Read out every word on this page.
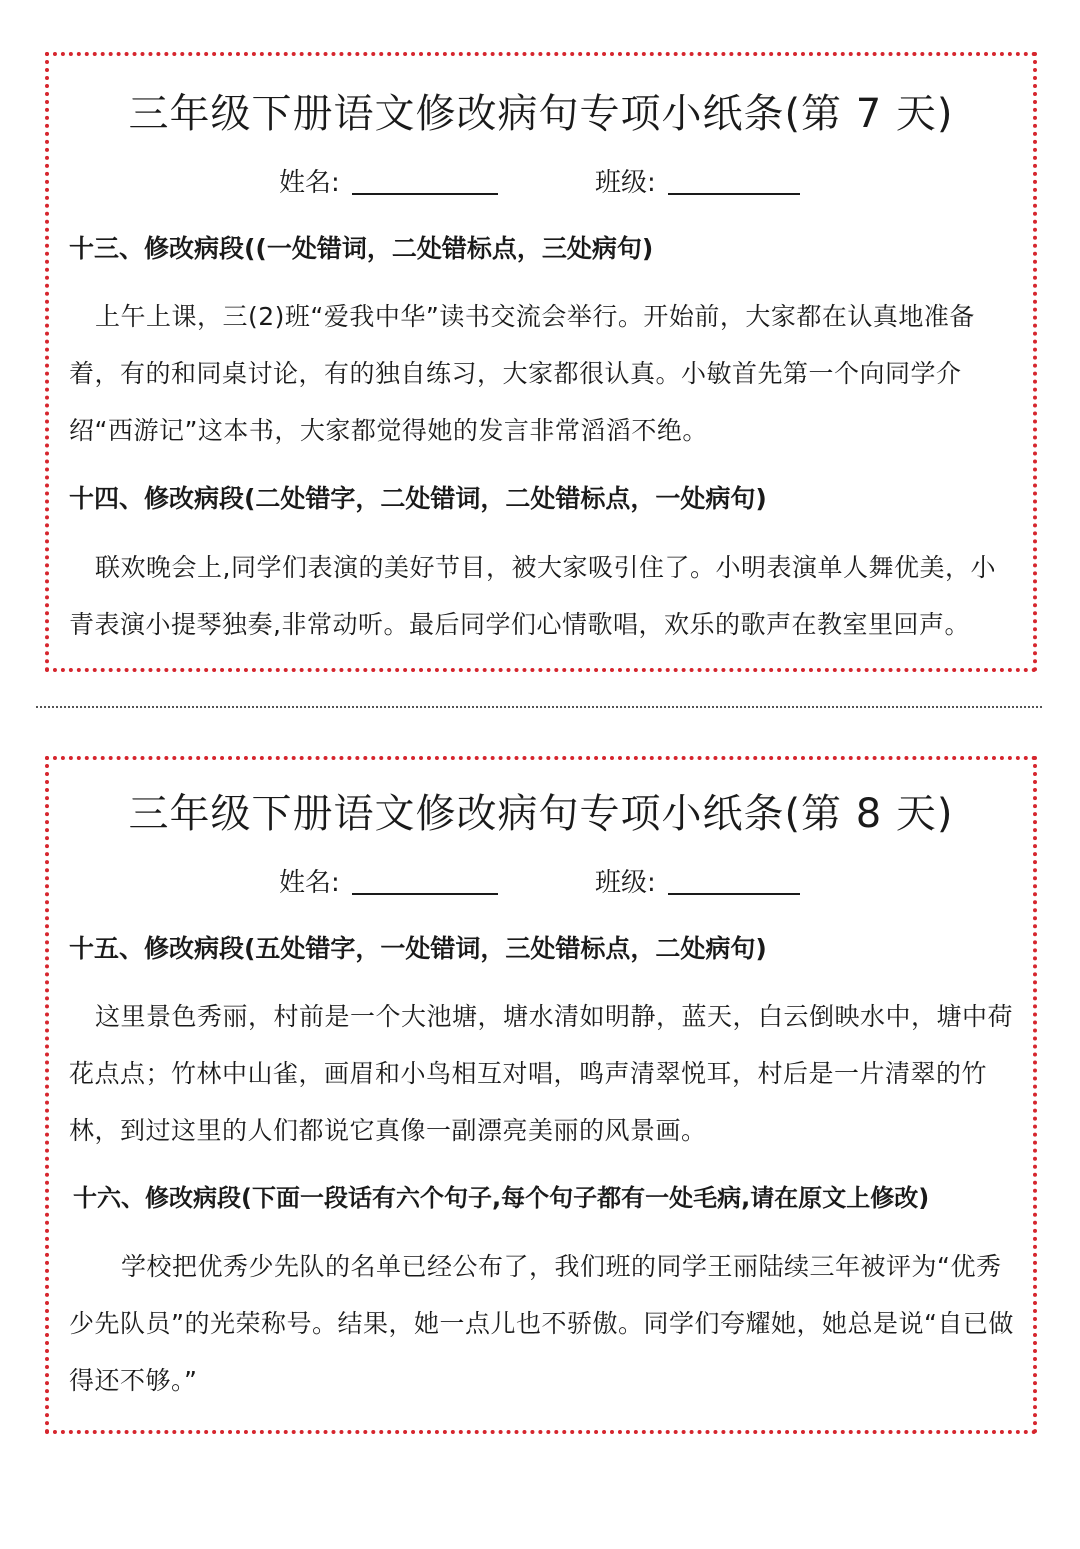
三年级下册语文修改病句专项小纸条(第 7 天)
姓名:	班级:
十三、修改病段((一处错词，二处错标点，三处病句)

上午上课，三(2)班“爱我中华”读书交流会举行。开始前，大家都在认真地准备着，有的和同桌讨论，有的独自练习，大家都很认真。小敏首先第一个向同学介绍“西游记”这本书，大家都觉得她的发言非常滔滔不绝。

十四、修改病段(二处错字，二处错词，二处错标点，一处病句)

联欢晚会上,同学们表演的美好节目，被大家吸引住了。小明表演单人舞优美，小青表演小提琴独奏,非常动听。最后同学们心情歌唱，欢乐的歌声在教室里回声。

三年级下册语文修改病句专项小纸条(第 8 天)
姓名:	班级:
十五、修改病段(五处错字，一处错词，三处错标点，二处病句)

这里景色秀丽，村前是一个大池塘，塘水清如明静，蓝天，白云倒映水中，塘中荷花点点；竹林中山雀，画眉和小鸟相互对唱，鸣声清翠悦耳，村后是一片清翠的竹林，到过这里的人们都说它真像一副漂亮美丽的风景画。

十六、修改病段(下面一段话有六个句子,每个句子都有一处毛病,请在原文上修改)

学校把优秀少先队的名单已经公布了，我们班的同学王丽陆续三年被评为“优秀少先队员”的光荣称号。结果，她一点儿也不骄傲。同学们夸耀她，她总是说“自已做得还不够。”
